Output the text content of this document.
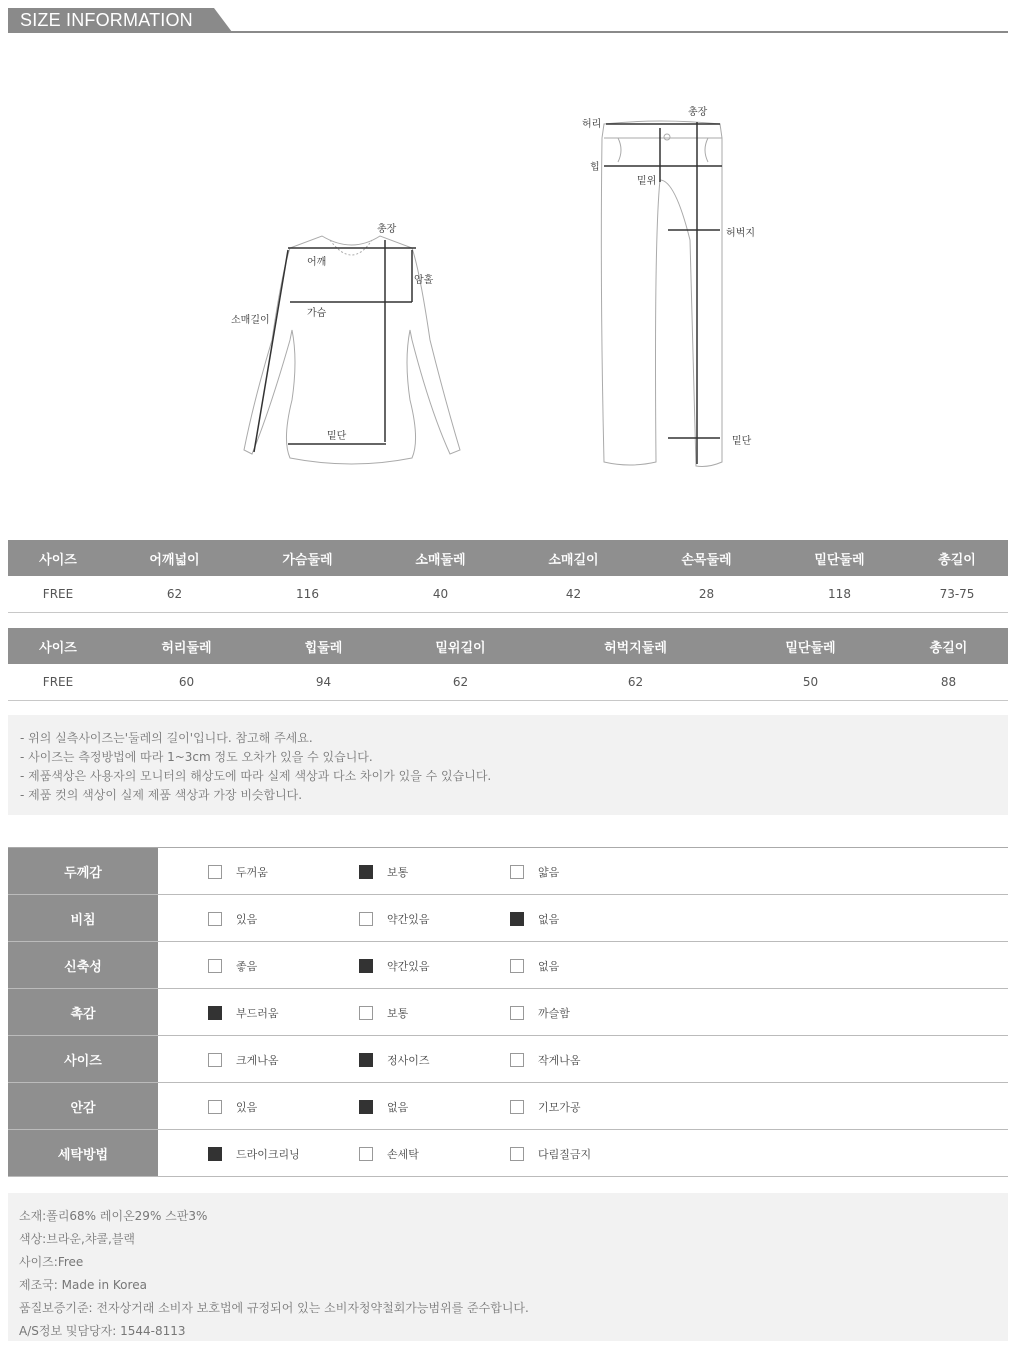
SIZE INFORMATION
총장
어깨
암홀
가슴
소매길이
밑단
총장
허리
힙
밑위
허벅지
밑단
사이즈	어깨넓이	가슴둘레	소매둘레	소매길이	손목둘레	밑단둘레	총길이
FREE	62	116	40	42	28	118	73-75
사이즈	허리둘레	힙둘레	밑위길이	허벅지둘레	밑단둘레	총길이
FREE	60	94	62	62	50	88
- 위의 실측사이즈는'둘레의 길이'입니다. 참고해 주세요.
- 사이즈는 측정방법에 따라 1~3cm 정도 오차가 있을 수 있습니다.
- 제품색상은 사용자의 모니터의 해상도에 따라 실제 색상과 다소 차이가 있을 수 있습니다.
- 제품 컷의 색상이 실제 제품 색상과 가장 비슷합니다.
두께감	두꺼움	보통	얇음
비침	있음	약간있음	없음
신축성	좋음	약간있음	없음
촉감	부드러움	보통	까슬함
사이즈	크게나옴	정사이즈	작게나옴
안감	있음	없음	기모가공
세탁방법	드라이크리닝	손세탁	다림질금지
소재:폴리68% 레이온29% 스판3%
색상:브라운,챠콜,블랙
사이즈:Free
제조국: Made in Korea
품질보증기준: 전자상거래 소비자 보호법에 규정되어 있는 소비자청약철회가능범위를 준수합니다.
A/S정보 및담당자: 1544-8113
